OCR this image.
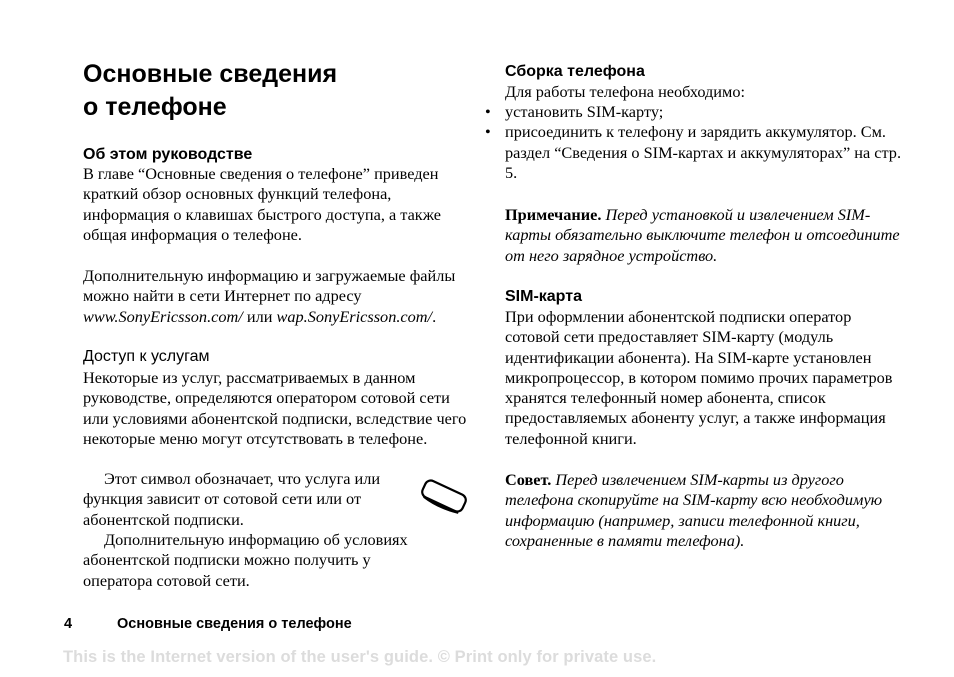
Основные сведения
о телефоне
Об этом руководстве

В главе “Основные сведения о телефоне” приведен краткий обзор основных функций телефона, информация о клавишах быстрого доступа, а также общая информация о телефоне.

Дополнительную информацию и загружаемые файлы можно найти в сети Интернет по адресу www.SonyEricsson.com/ или wap.SonyEricsson.com/.

Доступ к услугам

Некоторые из услуг, рассматриваемых в данном руководстве, определяются оператором сотовой сети или условиями абонентской подписки, вследствие чего некоторые меню могут отсутствовать в телефоне.

Этот символ обозначает, что услуга или функция зависит от сотовой сети или от абонентской подписки.

Дополнительную информацию об условиях абонентской подписки можно получить у оператора сотовой сети.

Сборка телефона

Для работы телефона необходимо:

• установить SIM-карту;
• присоединить к телефону и зарядить аккумулятор. См. раздел “Сведения о SIM-картах и аккумуляторах” на стр. 5.

Примечание. Перед установкой и извлечением SIM-карты обязательно выключите телефон и отсоедините от него зарядное устройство.

SIM-карта

При оформлении абонентской подписки оператор сотовой сети предоставляет SIM-карту (модуль идентификации абонента). На SIM-карте установлен микропроцессор, в котором помимо прочих параметров хранятся телефонный номер абонента, список предоставляемых абоненту услуг, а также информация телефонной книги.

Совет. Перед извлечением SIM-карты из другого телефона скопируйте на SIM-карту всю необходимую информацию (например, записи телефонной книги, сохраненные в памяти телефона).

4	Основные сведения о телефоне
This is the Internet version of the user's guide. © Print only for private use.
